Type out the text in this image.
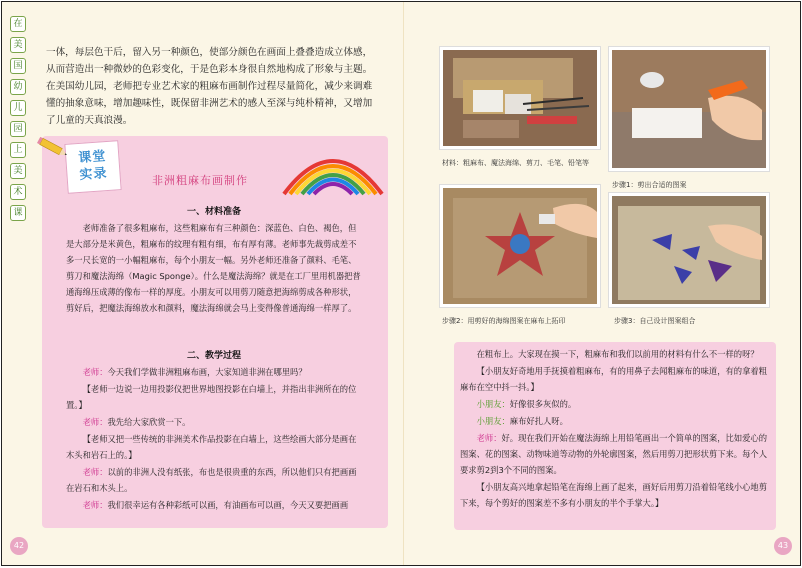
在
美
国
幼
儿
园
上
美
术
课

一体，每层色干后，留入另一种颜色，使部分颜色在画面上叠叠造成立体感，从而营造出一种微妙的色彩变化，于是色彩本身很自然地构成了形象与主题。在美国幼儿园，老师把专业艺术家的粗麻布画制作过程尽量简化，减少来调难懂的抽象意味，增加趣味性，既保留非洲艺术的感人至深与纯朴精神，又增加了儿童的天真浪漫。

课堂
实录	非洲粗麻布画制作
一、材料准备

老师准备了很多粗麻布，这些粗麻布有三种颜色：深蓝色、白色、褐色，但是大部分是米黄色，粗麻布的纹理有粗有细，布有厚有薄。老师事先裁剪成差不多一尺长宽的一小幅粗麻布，每个小朋友一幅。另外老师还准备了颜料、毛笔、剪刀和魔法海绵（Magic Sponge）。什么是魔法海绵？就是在工厂里用机器把普通海绵压成薄的像布一样的厚度。小朋友可以用剪刀随意把海绵剪成各种形状，剪好后，把魔法海绵放水和颜料，魔法海绵就会马上变得像普通海绵一样厚了。

二、教学过程

老师：今天我们学做非洲粗麻布画，大家知道非洲在哪里吗？

【老师一边说一边用投影仪把世界地图投影在白墙上，并指出非洲所在的位置。】

老师：我先给大家欣赏一下。

【老师又把一些传统的非洲美术作品投影在白墙上，这些绘画大部分是画在木头和岩石上的。】

老师：以前的非洲人没有纸张，布也是很贵重的东西，所以他们只有把画画在岩石和木头上。

老师：我们很幸运有各种彩纸可以画，有油画布可以画，今天又要把画画

材料：粗麻布、魔法海绵、剪刀、毛笔、铅笔等
步骤1：剪出合适的图案
步骤2：用剪好的海绵图案在麻布上拓印	步骤3：自己设计图案组合

在粗布上。大家现在摸一下，粗麻布和我们以前用的材料有什么不一样的呀？

【小朋友好奇地用手抚摸着粗麻布，有的用鼻子去闻粗麻布的味道，有的拿着粗麻布在空中抖一抖。】

小朋友：好像很多灰似的。

小朋友：麻布好扎人呀。

老师：好。现在我们开始在魔法海绵上用铅笔画出一个简单的图案，比如爱心的图案、花的图案、动物味道等动物的外轮廓图案，然后用剪刀把形状剪下来。每个人要求剪2到3个不同的图案。

【小朋友高兴地拿起铅笔在海绵上画了起来，画好后用剪刀沿着铅笔线小心地剪下来，每个剪好的图案差不多有小朋友的半个手掌大。】

42	43
